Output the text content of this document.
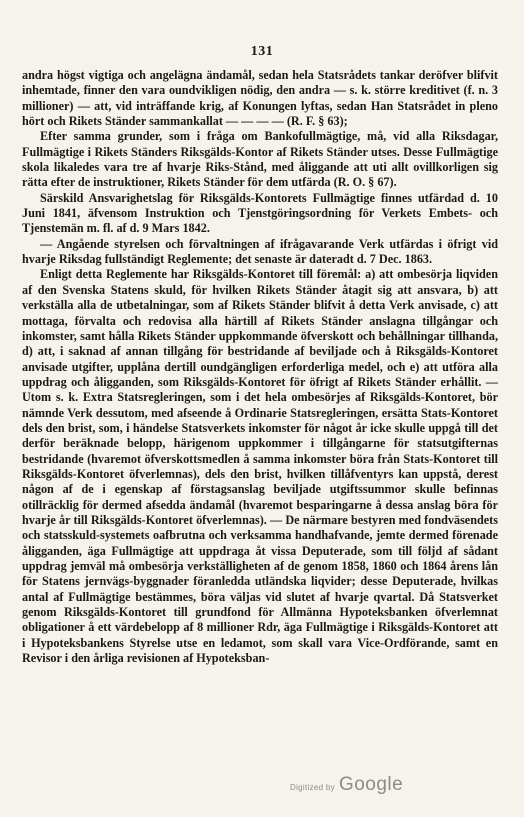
131

andra högst vigtiga och angelägna ändamål, sedan hela Statsrådets tankar deröfver blifvit inhemtade, finner den vara oundvikligen nödig, den andra — s. k. större kreditivet (f. n. 3 millioner) — att, vid inträffande krig, af Konungen lyftas, sedan Han Statsrådet in pleno hört och Rikets Ständer sammankallat — — — — (R. F. § 63);

Efter samma grunder, som i fråga om Bankofullmägtige, må, vid alla Riksdagar, Fullmägtige i Rikets Ständers Riksgälds-Kontor af Rikets Ständer utses. Desse Fullmägtige skola likaledes vara tre af hvarje Riks-Stånd, med åliggande att uti allt ovillkorligen sig rätta efter de instruktioner, Rikets Ständer för dem utfärda (R. O. § 67).

Särskild Ansvarighetslag för Riksgälds-Kontorets Fullmägtige finnes utfärdad d. 10 Juni 1841, äfvensom Instruktion och Tjenstgöringsordning för Verkets Embets- och Tjenstemän m. fl. af d. 9 Mars 1842.

— Angående styrelsen och förvaltningen af ifrågavarande Verk utfärdas i öfrigt vid hvarje Riksdag fullständigt Reglemente; det senaste är dateradt d. 7 Dec. 1863.

Enligt detta Reglemente har Riksgälds-Kontoret till föremål: a) att ombesörja liqviden af den Svenska Statens skuld, för hvilken Rikets Ständer åtagit sig att ansvara, b) att verkställa alla de utbetalningar, som af Rikets Ständer blifvit å detta Verk anvisade, c) att mottaga, förvalta och redovisa alla härtill af Rikets Ständer anslagna tillgångar och inkomster, samt hålla Rikets Ständer uppkommande öfverskott och behållningar tillhanda, d) att, i saknad af annan tillgång för bestridande af beviljade och å Riksgälds-Kontoret anvisade utgifter, upplåna dertill oundgängligen erforderliga medel, och e) att utföra alla uppdrag och åligganden, som Riksgälds-Kontoret för öfrigt af Rikets Ständer erhållit. — Utom s. k. Extra Statsregleringen, som i det hela ombesörjes af Riksgälds-Kontoret, bör nämnde Verk dessutom, med afseende å Ordinarie Statsregleringen, ersätta Stats-Kontoret dels den brist, som, i händelse Statsverkets inkomster för något år icke skulle uppgå till det derför beräknade belopp, härigenom uppkommer i tillgångarne för statsutgifternas bestridande (hvaremot öfverskottsmedlen å samma inkomster böra från Stats-Kontoret till Riksgälds-Kontoret öfverlemnas), dels den brist, hvilken tillåfventyrs kan uppstå, derest någon af de i egenskap af förstagsanslag beviljade utgiftssummor skulle befinnas otillräcklig för dermed afsedda ändamål (hvaremot besparingarne å dessa anslag böra för hvarje år till Riksgälds-Kontoret öfverlemnas). — De närmare bestyren med fondväsendets och statsskuld-systemets oafbrutna och verksamma handhafvande, jemte dermed förenade åligganden, äga Fullmägtige att uppdraga åt vissa Deputerade, som till följd af sådant uppdrag jemväl må ombesörja verkställigheten af de genom 1858, 1860 och 1864 årens lån för Statens jernvägs-byggnader föranledda utländska liqvider; desse Deputerade, hvilkas antal af Fullmägtige bestämmes, böra väljas vid slutet af hvarje qvartal. Då Statsverket genom Riksgälds-Kontoret till grundfond för Allmänna Hypoteksbanken öfverlemnat obligationer å ett värdebelopp af 8 millioner Rdr, äga Fullmägtige i Riksgälds-Kontoret att i Hypoteksbankens Styrelse utse en ledamot, som skall vara Vice-Ordförande, samt en Revisor i den årliga revisionen af Hypoteksban-

Digitized by Google
